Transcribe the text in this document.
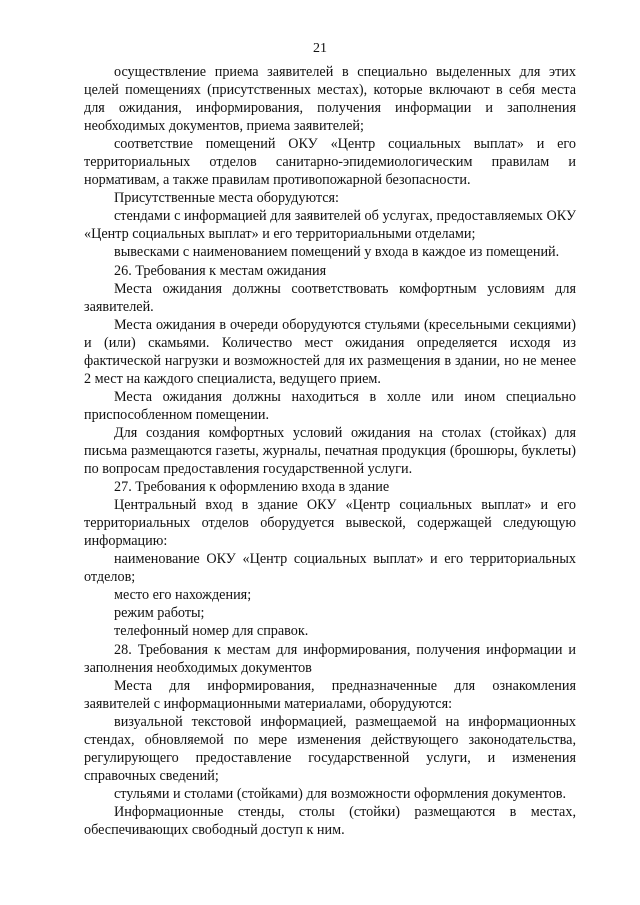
21

осуществление приема заявителей в специально выделенных для этих целей помещениях (присутственных местах), которые включают в себя места для ожидания, информирования, получения информации и заполнения необходимых документов, приема заявителей;

соответствие помещений ОКУ «Центр социальных выплат» и его территориальных отделов санитарно-эпидемиологическим правилам и нормативам, а также правилам противопожарной безопасности.

Присутственные места оборудуются:

стендами с информацией для заявителей об услугах, предоставляемых ОКУ «Центр социальных выплат» и его территориальными отделами;

вывесками с наименованием помещений у входа в каждое из помещений.

26. Требования к местам ожидания

Места ожидания должны соответствовать комфортным условиям для заявителей.

Места ожидания в очереди оборудуются стульями (кресельными секциями) и (или) скамьями. Количество мест ожидания определяется исходя из фактической нагрузки и возможностей для их размещения в здании, но не менее 2 мест на каждого специалиста, ведущего прием.

Места ожидания должны находиться в холле или ином специально приспособленном помещении.

Для создания комфортных условий ожидания на столах (стойках) для письма размещаются газеты, журналы, печатная продукция (брошюры, буклеты) по вопросам предоставления государственной услуги.

27. Требования к оформлению входа в здание

Центральный вход в здание ОКУ «Центр социальных выплат» и его территориальных отделов оборудуется вывеской, содержащей следующую информацию:

наименование ОКУ «Центр социальных выплат» и его территориальных отделов;

место его нахождения;

режим работы;

телефонный номер для справок.

28. Требования к местам для информирования, получения информации и заполнения необходимых документов

Места для информирования, предназначенные для ознакомления заявителей с информационными материалами, оборудуются:

визуальной текстовой информацией, размещаемой на информационных стендах, обновляемой по мере изменения действующего законодательства, регулирующего предоставление государственной услуги, и изменения справочных сведений;

стульями и столами (стойками) для возможности оформления документов.

Информационные стенды, столы (стойки) размещаются в местах, обеспечивающих свободный доступ к ним.
